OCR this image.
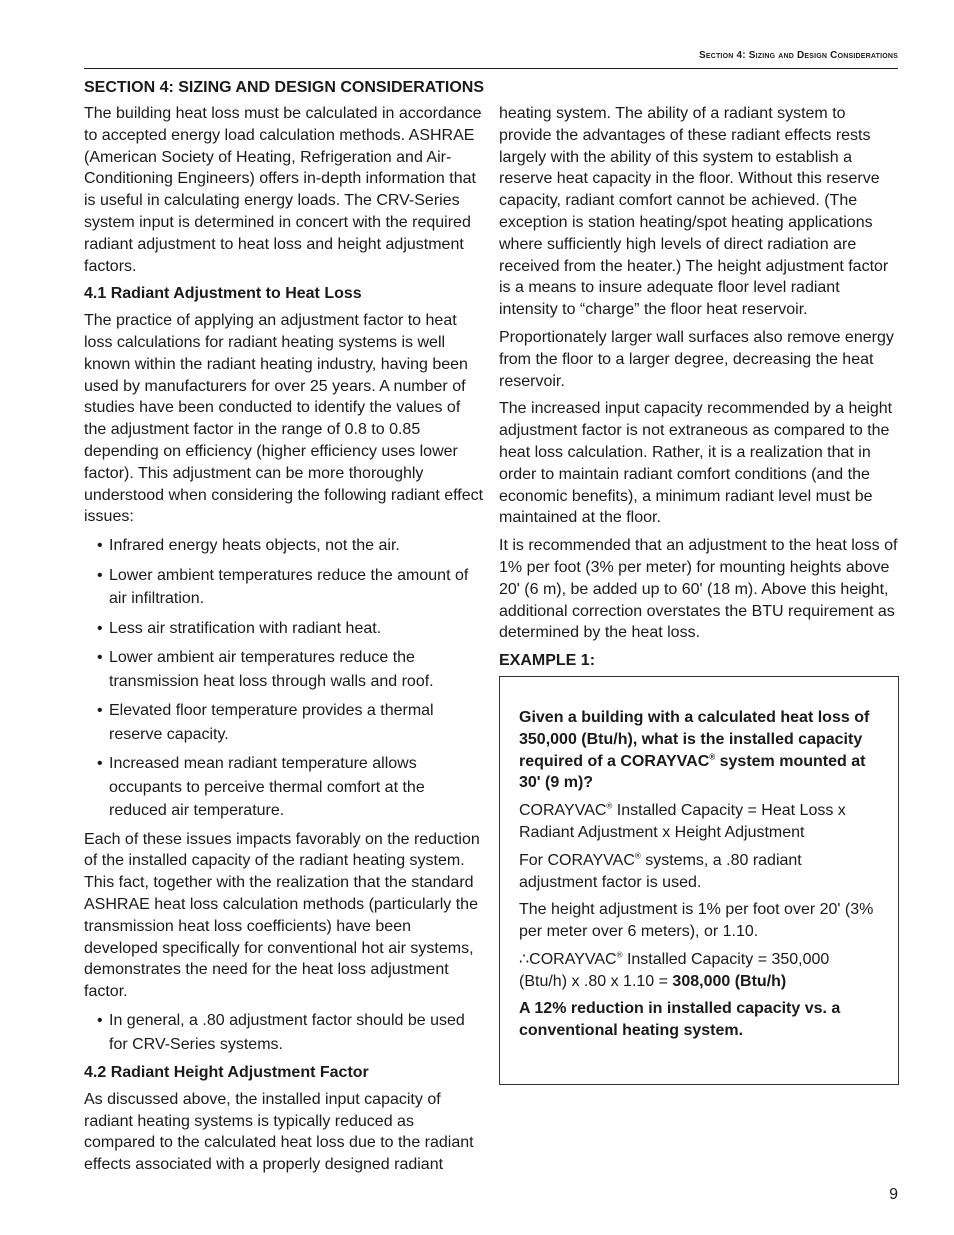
Section 4: Sizing and Design Considerations
SECTION 4: SIZING AND DESIGN CONSIDERATIONS

The building heat loss must be calculated in accordance to accepted energy load calculation methods. ASHRAE (American Society of Heating, Refrigeration and Air-Conditioning Engineers) offers in-depth information that is useful in calculating energy loads. The CRV-Series system input is determined in concert with the required radiant adjustment to heat loss and height adjustment factors.

4.1 Radiant Adjustment to Heat Loss

The practice of applying an adjustment factor to heat loss calculations for radiant heating systems is well known within the radiant heating industry, having been used by manufacturers for over 25 years. A number of studies have been conducted to identify the values of the adjustment factor in the range of 0.8 to 0.85 depending on efficiency (higher efficiency uses lower factor). This adjustment can be more thoroughly understood when considering the following radiant effect issues:

• Infrared energy heats objects, not the air.
• Lower ambient temperatures reduce the amount of air infiltration.
• Less air stratification with radiant heat.
• Lower ambient air temperatures reduce the transmission heat loss through walls and roof.
• Elevated floor temperature provides a thermal reserve capacity.
• Increased mean radiant temperature allows occupants to perceive thermal comfort at the reduced air temperature.

Each of these issues impacts favorably on the reduction of the installed capacity of the radiant heating system. This fact, together with the realization that the standard ASHRAE heat loss calculation methods (particularly the transmission heat loss coefficients) have been developed specifically for conventional hot air systems, demonstrates the need for the heat loss adjustment factor.

• In general, a .80 adjustment factor should be used for CRV-Series systems.
4.2 Radiant Height Adjustment Factor

As discussed above, the installed input capacity of radiant heating systems is typically reduced as compared to the calculated heat loss due to the radiant effects associated with a properly designed radiant

heating system. The ability of a radiant system to provide the advantages of these radiant effects rests largely with the ability of this system to establish a reserve heat capacity in the floor. Without this reserve capacity, radiant comfort cannot be achieved. (The exception is station heating/spot heating applications where sufficiently high levels of direct radiation are received from the heater.) The height adjustment factor is a means to insure adequate floor level radiant intensity to “charge” the floor heat reservoir.

Proportionately larger wall surfaces also remove energy from the floor to a larger degree, decreasing the heat reservoir.

The increased input capacity recommended by a height adjustment factor is not extraneous as compared to the heat loss calculation. Rather, it is a realization that in order to maintain radiant comfort conditions (and the economic benefits), a minimum radiant level must be maintained at the floor.

It is recommended that an adjustment to the heat loss of 1% per foot (3% per meter) for mounting heights above 20' (6 m), be added up to 60' (18 m). Above this height, additional correction overstates the BTU requirement as determined by the heat loss.

EXAMPLE 1:

Given a building with a calculated heat loss of 350,000 (Btu/h), what is the installed capacity required of a CORAYVAC® system mounted at 30' (9 m)?

CORAYVAC® Installed Capacity = Heat Loss x Radiant Adjustment x Height Adjustment

For CORAYVAC® systems, a .80 radiant adjustment factor is used.

The height adjustment is 1% per foot over 20' (3% per meter over 6 meters), or 1.10.

∴CORAYVAC® Installed Capacity = 350,000 (Btu/h) x .80 x 1.10 = 308,000 (Btu/h)

A 12% reduction in installed capacity vs. a conventional heating system.

9
